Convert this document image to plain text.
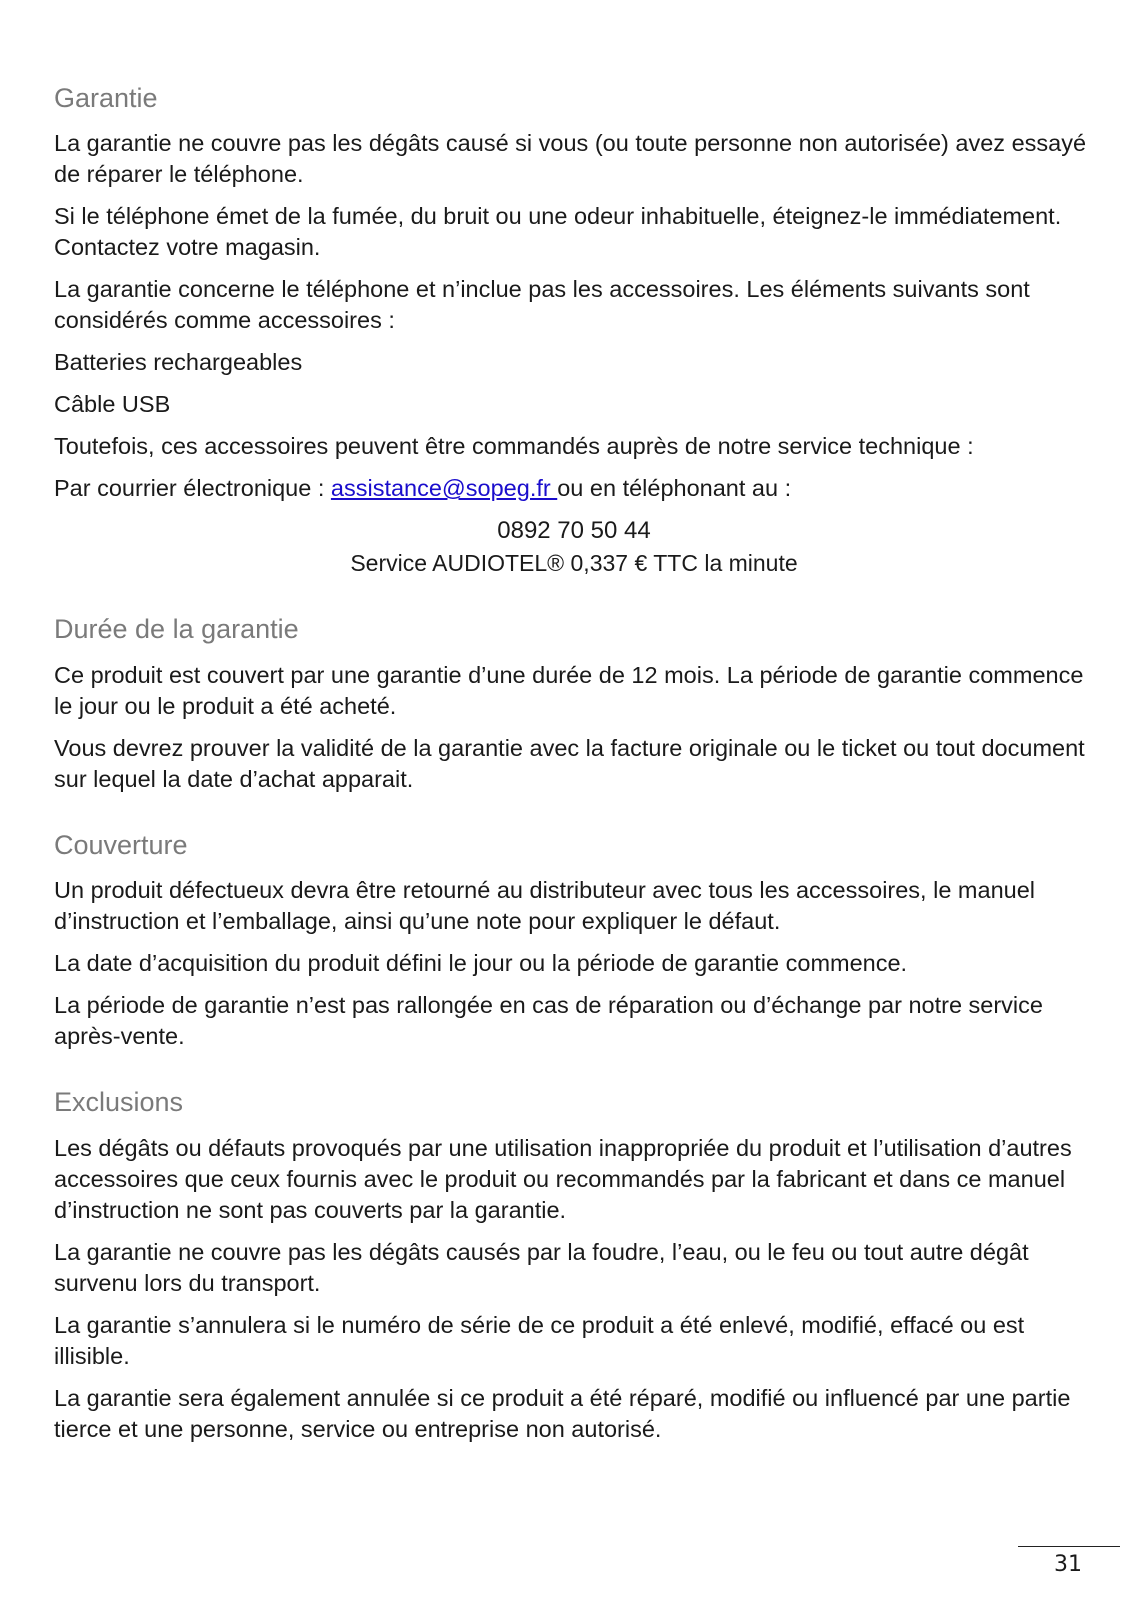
Garantie

La garantie ne couvre pas les dégâts causé si vous (ou toute personne non autorisée) avez essayé de réparer le téléphone.

Si le téléphone émet de la fumée, du bruit ou une odeur inhabituelle, éteignez-le immédiatement. Contactez votre magasin.

La garantie concerne le téléphone et n’inclue pas les accessoires. Les éléments suivants sont considérés comme accessoires :

Batteries rechargeables

Câble USB

Toutefois, ces accessoires peuvent être commandés auprès de notre service technique :

Par courrier électronique : assistance@sopeg.fr ou en téléphonant au :

0892 70 50 44

Service AUDIOTEL® 0,337 € TTC la minute

Durée de la garantie

Ce produit est couvert par une garantie d’une durée de 12 mois. La période de garantie commence le jour ou le produit a été acheté.

Vous devrez prouver la validité de la garantie avec la facture originale ou le ticket ou tout document sur lequel la date d’achat apparait.

Couverture

Un produit défectueux devra être retourné au distributeur avec tous les accessoires, le manuel d’instruction et l’emballage, ainsi qu’une note pour expliquer le défaut.

La date d’acquisition du produit défini le jour ou la période de garantie commence.

La période de garantie n’est pas rallongée en cas de réparation ou d’échange par notre service après-vente.

Exclusions

Les dégâts ou défauts provoqués par une utilisation inappropriée du produit et l’utilisation d’autres accessoires que ceux fournis avec le produit ou recommandés par la fabricant et dans ce manuel d’instruction ne sont pas couverts par la garantie.

La garantie ne couvre pas les dégâts causés par la foudre, l’eau, ou le feu ou tout autre dégât survenu lors du transport.

La garantie s’annulera si le numéro de série de ce produit a été enlevé, modifié, effacé ou est illisible.

La garantie sera également annulée si ce produit a été réparé, modifié ou influencé par une partie tierce et une personne, service ou entreprise non autorisé.

31
